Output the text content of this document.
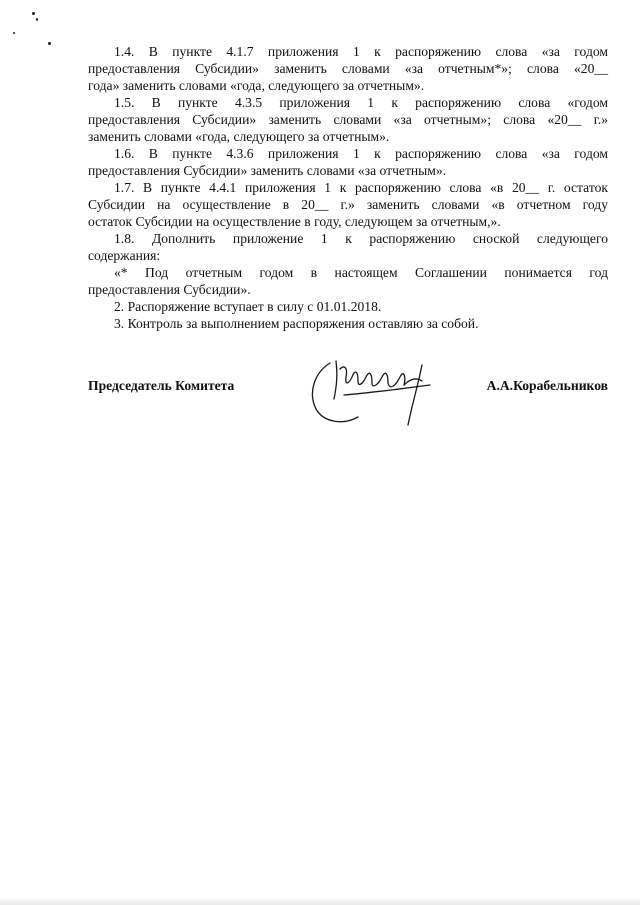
1.4. В пункте 4.1.7 приложения 1 к распоряжению слова «за годом
предоставления Субсидии» заменить словами «за отчетным*»; слова «20__
года» заменить словами «года, следующего за отчетным».

1.5. В пункте 4.3.5 приложения 1 к распоряжению слова «годом
предоставления Субсидии» заменить словами «за отчетным»; слова «20__ г.»
заменить словами «года, следующего за отчетным».

1.6. В пункте 4.3.6 приложения 1 к распоряжению слова «за годом
предоставления Субсидии» заменить словами «за отчетным».

1.7. В пункте 4.4.1 приложения 1 к распоряжению слова «в 20__ г. остаток
Субсидии на осуществление в 20__ г.» заменить словами «в отчетном году
остаток Субсидии на осуществление в году, следующем за отчетным,».

1.8. Дополнить приложение 1 к распоряжению сноской следующего
содержания:

«* Под отчетным годом в настоящем Соглашении понимается год
предоставления Субсидии».

2. Распоряжение вступает в силу с 01.01.2018.

3. Контроль за выполнением распоряжения оставляю за собой.

Председатель Комитета	А.А.Корабельников
